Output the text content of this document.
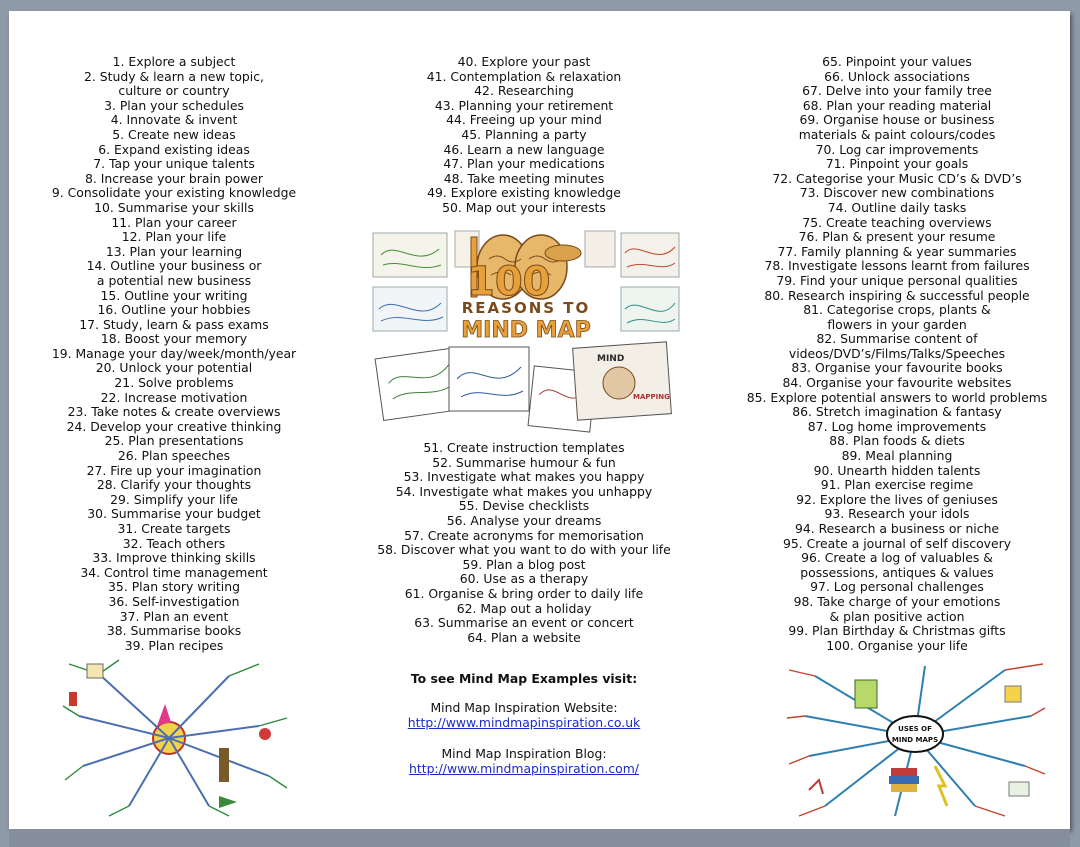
1. Explore a subject
2. Study & learn a new topic,
culture or country
3. Plan your schedules
4. Innovate & invent
5. Create new ideas
6. Expand existing ideas
7. Tap your unique talents
8. Increase your brain power
9. Consolidate your existing knowledge
10. Summarise your skills
11. Plan your career
12. Plan your life
13. Plan your learning
14. Outline your business or
a potential new business
15. Outline your writing
16. Outline your hobbies
17. Study, learn & pass exams
18. Boost your memory
19. Manage your day/week/month/year
20. Unlock your potential
21. Solve problems
22. Increase motivation
23. Take notes & create overviews
24. Develop your creative thinking
25. Plan presentations
26. Plan speeches
27. Fire up your imagination
28. Clarify your thoughts
29. Simplify your life
30. Summarise your budget
31. Create targets
32. Teach others
33. Improve thinking skills
34. Control time management
35. Plan story writing
36. Self-investigation
37. Plan an event
38. Summarise books
39. Plan recipes
40. Explore your past
41. Contemplation & relaxation
42. Researching
43. Planning your retirement
44. Freeing up your mind
45. Planning a party
46. Learn a new language
47. Plan your medications
48. Take meeting minutes
49. Explore existing knowledge
50. Map out your interests
51. Create instruction templates
52. Summarise humour & fun
53. Investigate what makes you happy
54. Investigate what makes you unhappy
55. Devise checklists
56. Analyse your dreams
57. Create acronyms for memorisation
58. Discover what you want to do with your life
59. Plan a blog post
60. Use as a therapy
61. Organise & bring order to daily life
62. Map out a holiday
63. Summarise an event or concert
64. Plan a website
65. Pinpoint your values
66. Unlock associations
67. Delve into your family tree
68. Plan your reading material
69. Organise house or business
materials & paint colours/codes
70. Log car improvements
71. Pinpoint your goals
72. Categorise your Music CD’s & DVD’s
73. Discover new combinations
74. Outline daily tasks
75. Create teaching overviews
76. Plan & present your resume
77. Family planning & year summaries
78. Investigate lessons learnt from failures
79. Find your unique personal qualities
80. Research inspiring & successful people
81. Categorise crops, plants &
flowers in your garden
82. Summarise content of
videos/DVD’s/Films/Talks/Speeches
83. Organise your favourite books
84. Organise your favourite websites
85. Explore potential answers to world problems
86. Stretch imagination & fantasy
87. Log home improvements
88. Plan foods & diets
89. Meal planning
90. Unearth hidden talents
91. Plan exercise regime
92. Explore the lives of geniuses
93. Research your idols
94. Research a business or niche
95. Create a journal of self discovery
96. Create a log of valuables &
possessions, antiques & values
97. Log personal challenges
98. Take charge of your emotions
& plan positive action
99. Plan Birthday & Christmas gifts
100. Organise your life
100
REASONS TO
MIND MAP
MIND
MAPPING
USES OF
MIND MAPS
To see Mind Map Examples visit:
Mind Map Inspiration Website:
http://www.mindmapinspiration.co.uk
Mind Map Inspiration Blog:
http://www.mindmapinspiration.com/
